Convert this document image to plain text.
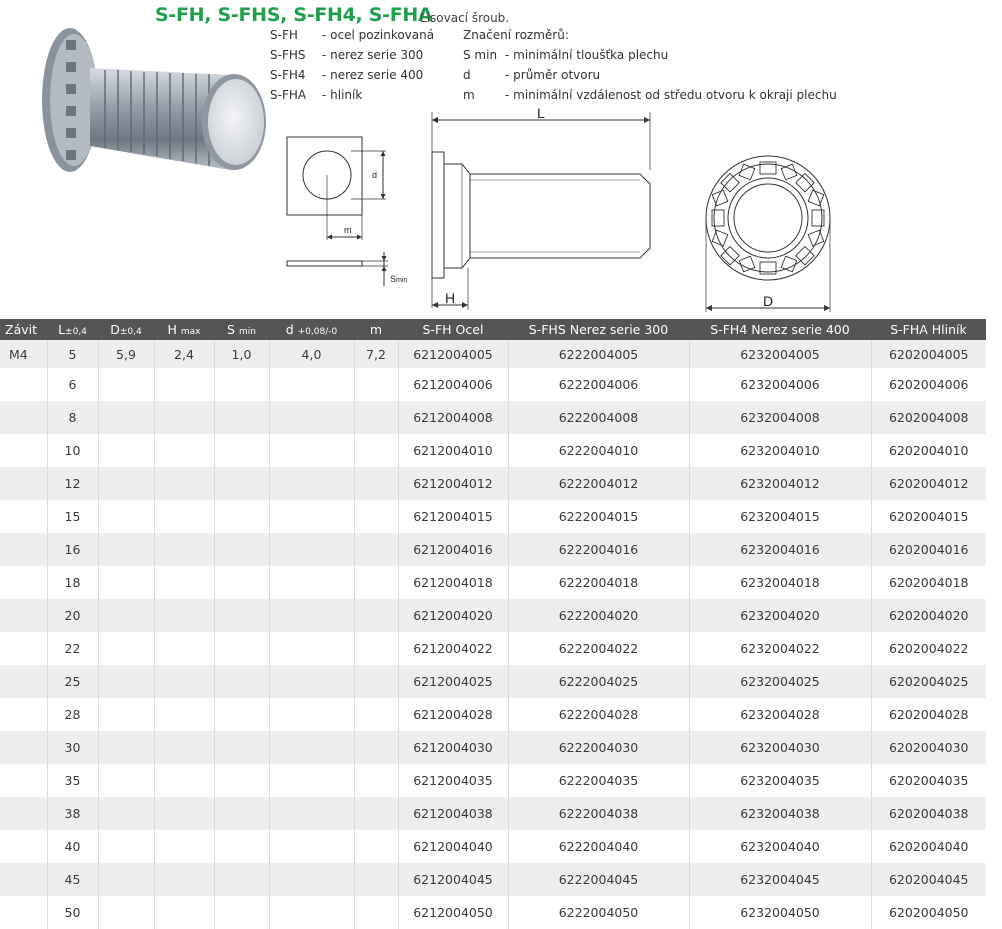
S-FH, S-FHS, S-FH4, S-FHA
Lisovací šroub.
S-FH	- ocel pozinkovaná
S-FHS	- nerez serie 300
S-FH4	- nerez serie 400
S-FHA	- hliník
Značení rozměrů:
S min - minimální tloušťka plechu
d	- průměr otvoru
m	- minimální vzdálenost od středu otvoru k okraji plechu
d
m
Smin
L
H	D
Závit	L±0,4	D±0,4	H max	S min	d +0,08/-0	m	S-FH Ocel	S-FHS Nerez serie 300	S-FH4 Nerez serie 400	S-FHA Hliník
M4	5	5,9	2,4	1,0	4,0	7,2	6212004005	6222004005	6232004005	6202004005
	6						6212004006	6222004006	6232004006	6202004006
	8						6212004008	6222004008	6232004008	6202004008
	10						6212004010	6222004010	6232004010	6202004010
	12						6212004012	6222004012	6232004012	6202004012
	15						6212004015	6222004015	6232004015	6202004015
	16						6212004016	6222004016	6232004016	6202004016
	18						6212004018	6222004018	6232004018	6202004018
	20						6212004020	6222004020	6232004020	6202004020
	22						6212004022	6222004022	6232004022	6202004022
	25						6212004025	6222004025	6232004025	6202004025
	28						6212004028	6222004028	6232004028	6202004028
	30						6212004030	6222004030	6232004030	6202004030
	35						6212004035	6222004035	6232004035	6202004035
	38						6212004038	6222004038	6232004038	6202004038
	40						6212004040	6222004040	6232004040	6202004040
	45						6212004045	6222004045	6232004045	6202004045
	50						6212004050	6222004050	6232004050	6202004050
